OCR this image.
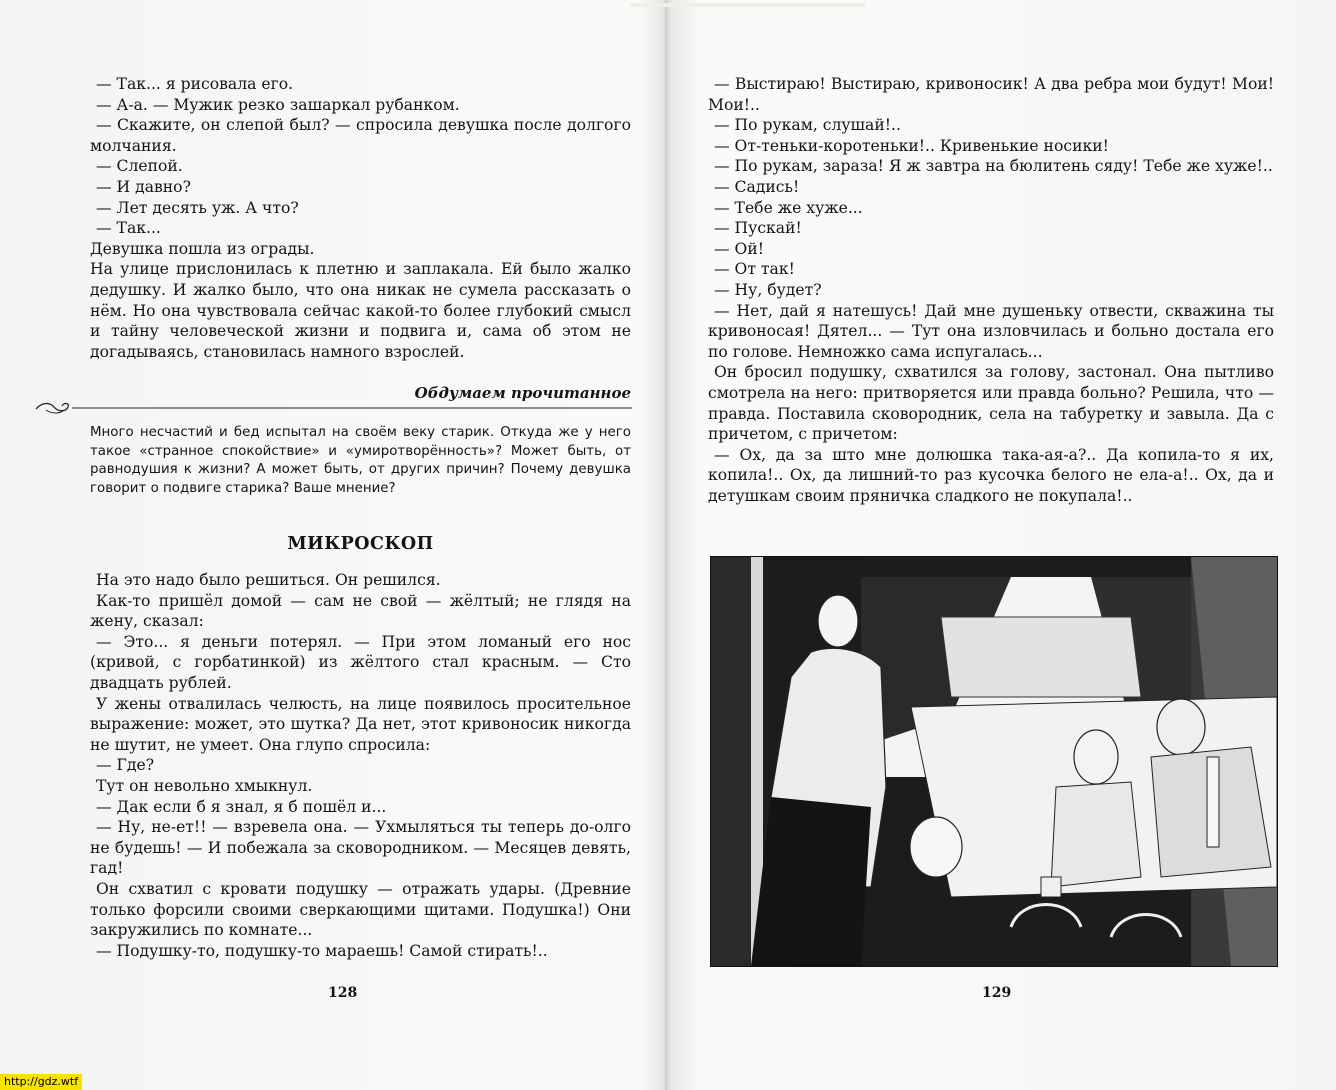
— Так... я рисовала его.

— А-а. — Мужик резко зашаркал рубанком.

— Скажите, он слепой был? — спросила девушка после долгого молчания.

— Слепой.

— И давно?

— Лет десять уж. А что?

— Так...

Девушка пошла из ограды.

На улице прислонилась к плетню и заплакала. Ей было жалко дедушку. И жалко было, что она никак не сумела рассказать о нём. Но она чувствовала сейчас какой-то более глубокий смысл и тайну человеческой жизни и подвига и, сама об этом не догадываясь, становилась намного взрослей.

Обдумаем прочитанное

Много несчастий и бед испытал на своём веку старик. Откуда же у него такое «странное спокойствие» и «умиротворённость»? Может быть, от равнодушия к жизни? А может быть, от других причин? Почему девушка говорит о подвиге старика? Ваше мнение?

МИКРОСКОП

На это надо было решиться. Он решился.

Как-то пришёл домой — сам не свой — жёлтый; не глядя на жену, сказал:

— Это... я деньги потерял. — При этом ломаный его нос (кривой, с горбатинкой) из жёлтого стал красным. — Сто двадцать рублей.

У жены отвалилась челюсть, на лице появилось просительное выражение: может, это шутка? Да нет, этот кривоносик никогда не шутит, не умеет. Она глупо спросила:

— Где?

Тут он невольно хмыкнул.

— Дак если б я знал, я б пошёл и...

— Ну, не-ет!! — взревела она. — Ухмыляться ты теперь до-олго не будешь! — И побежала за сковородником. — Месяцев девять, гад!

Он схватил с кровати подушку — отражать удары. (Древние только форсили своими сверкающими щитами. Подушка!) Они закружились по комнате...

— Подушку-то, подушку-то мараешь! Самой стирать!..

128

— Выстираю! Выстираю, кривоносик! А два ребра мои будут! Мои! Мои!..

— По рукам, слушай!..

— От-теньки-коротеньки!.. Кривенькие носики!

— По рукам, зараза! Я ж завтра на бюлитень сяду! Тебе же хуже!..

— Садись!

— Тебе же хуже...

— Пускай!

— Ой!

— От так!

— Ну, будет?

— Нет, дай я натешусь! Дай мне душеньку отвести, скважина ты кривоносая! Дятел... — Тут она изловчилась и больно достала его по голове. Немножко сама испугалась...

Он бросил подушку, схватился за голову, застонал. Она пытливо смотрела на него: притворяется или правда больно? Решила, что — правда. Поставила сковородник, села на табуретку и завыла. Да с причетом, с причетом:

— Ох, да за што мне долюшка така-ая-а?.. Да копила-то я их, копила!.. Ох, да лишний-то раз кусочка белого не ела-а!.. Ох, да и детушкам своим пряничка сладкого не покупала!..

129
http://gdz.wtf
